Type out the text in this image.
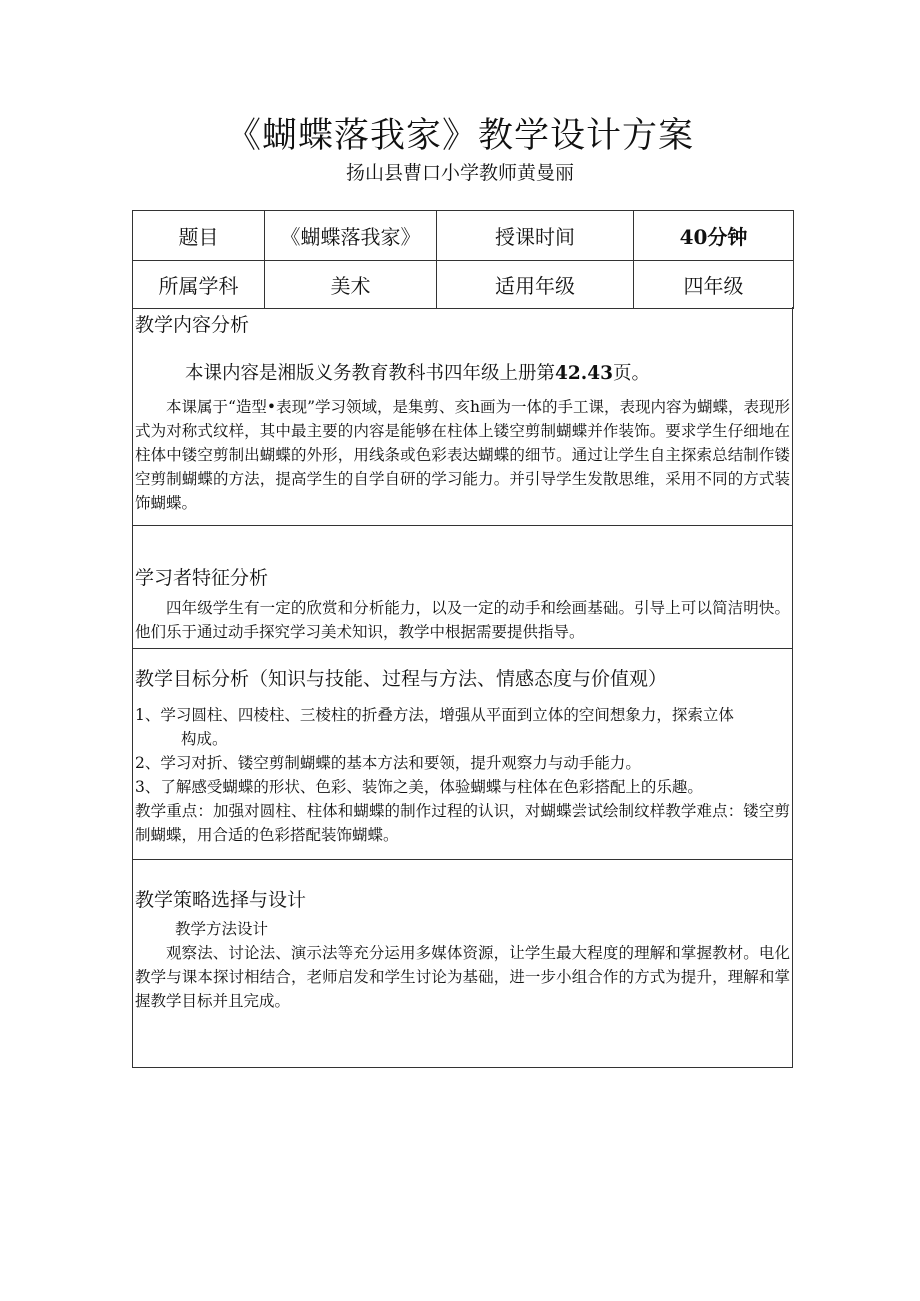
《蝴蝶落我家》教学设计方案
扬山县曹口小学教师黄曼丽
题目	《蝴蝶落我家》	授课时间	40分钟
所属学科	美术	适用年级	四年级
教学内容分析
本课内容是湘版义务教育教科书四年级上册第42.43页。
本课属于“造型•表现”学习领域，是集剪、亥h画为一体的手工课，表现内容为蝴蝶，表现形式为对称式纹样，其中最主要的内容是能够在柱体上镂空剪制蝴蝶并作装饰。要求学生仔细地在柱体中镂空剪制出蝴蝶的外形，用线条或色彩表达蝴蝶的细节。通过让学生自主探索总结制作镂空剪制蝴蝶的方法，提高学生的自学自研的学习能力。并引导学生发散思维，采用不同的方式装饰蝴蝶。
学习者特征分析
四年级学生有一定的欣赏和分析能力，以及一定的动手和绘画基础。引导上可以简洁明快。他们乐于通过动手探究学习美术知识，教学中根据需要提供指导。
教学目标分析（知识与技能、过程与方法、情感态度与价值观）
1、学习圆柱、四棱柱、三棱柱的折叠方法，增强从平面到立体的空间想象力，探索立体
构成。
2、学习对折、镂空剪制蝴蝶的基本方法和要领，提升观察力与动手能力。
3、了解感受蝴蝶的形状、色彩、装饰之美，体验蝴蝶与柱体在色彩搭配上的乐趣。
教学重点：加强对圆柱、柱体和蝴蝶的制作过程的认识，对蝴蝶尝试绘制纹样教学难点：镂空剪制蝴蝶，用合适的色彩搭配装饰蝴蝶。
教学策略选择与设计
教学方法设计
观察法、讨论法、演示法等充分运用多媒体资源，让学生最大程度的理解和掌握教材。电化教学与课本探讨相结合，老师启发和学生讨论为基础，进一步小组合作的方式为提升，理解和掌握教学目标并且完成。
